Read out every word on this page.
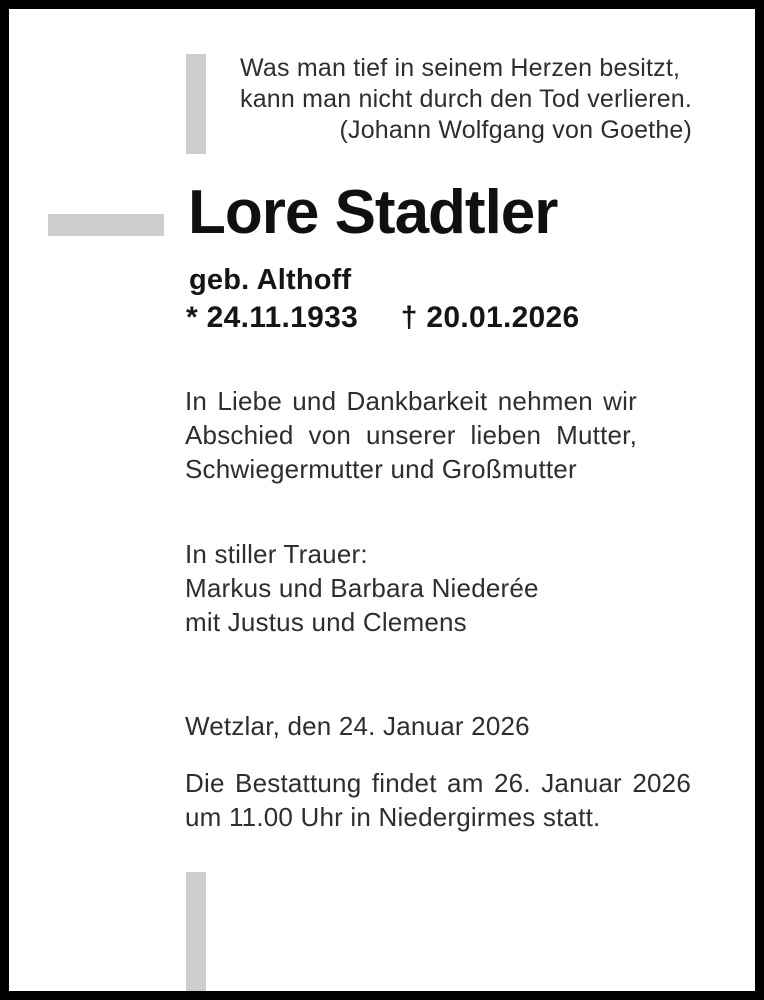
Was man tief in seinem Herzen besitzt,
kann man nicht durch den Tod verlieren.
(Johann Wolfgang von Goethe)
Lore Stadtler
geb. Althoff
* 24.11.1933 † 20.01.2026
In Liebe und Dankbarkeit nehmen wir
Abschied von unserer lieben Mutter,
Schwiegermutter und Großmutter
In stiller Trauer:
Markus und Barbara Niederée
mit Justus und Clemens
Wetzlar, den 24. Januar 2026
Die Bestattung findet am 26. Januar 2026
um 11.00 Uhr in Niedergirmes statt.
